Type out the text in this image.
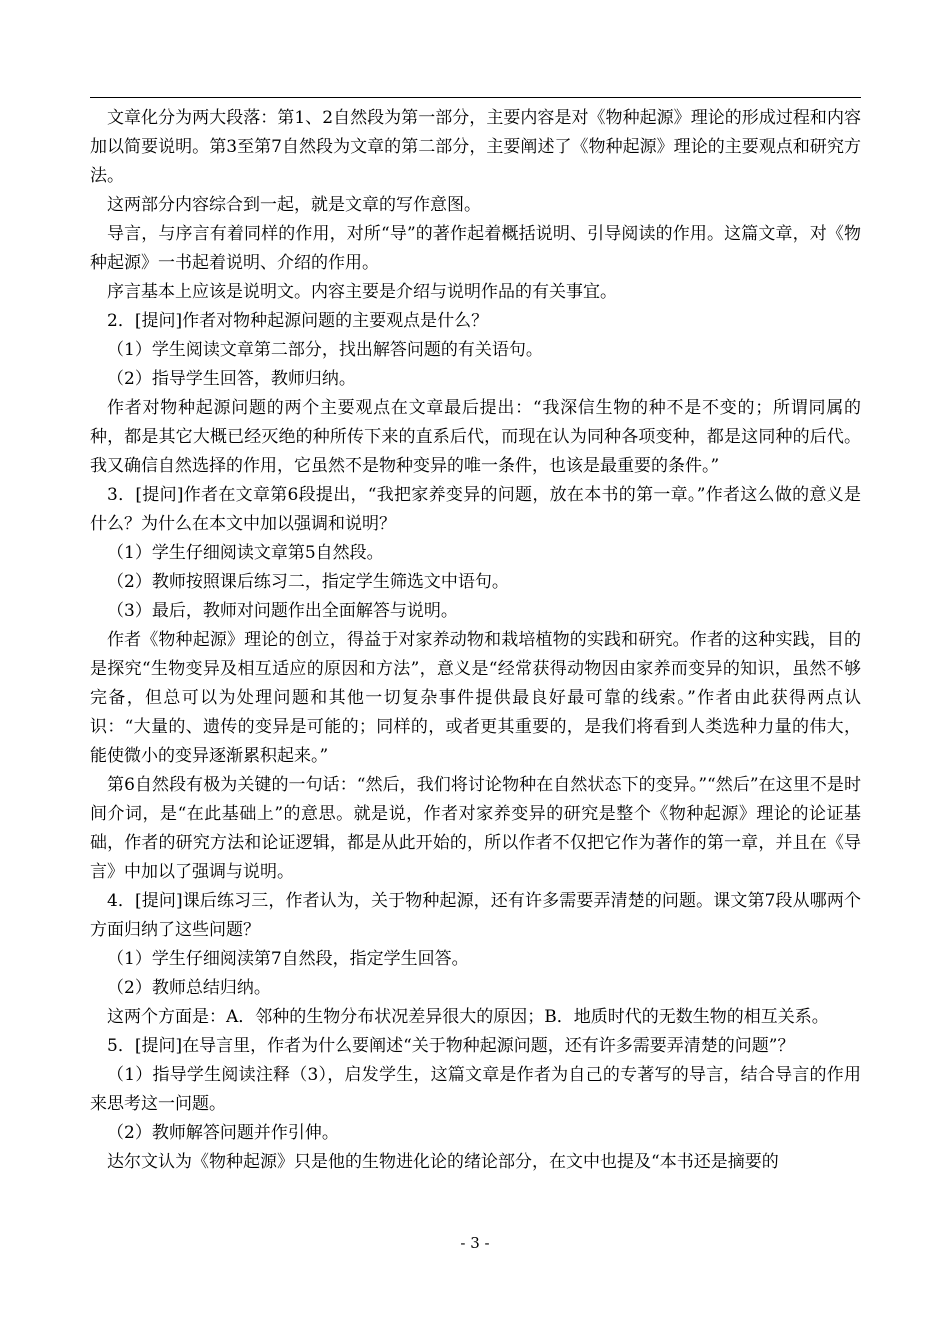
文章化分为两大段落：第1、2自然段为第一部分，主要内容是对《物种起源》理论的形成过程和内容加以简要说明。第3至第7自然段为文章的第二部分，主要阐述了《物种起源》理论的主要观点和研究方法。

这两部分内容综合到一起，就是文章的写作意图。

导言，与序言有着同样的作用，对所“导”的著作起着概括说明、引导阅读的作用。这篇文章，对《物种起源》一书起着说明、介绍的作用。

序言基本上应该是说明文。内容主要是介绍与说明作品的有关事宜。

2．[提问]作者对物种起源问题的主要观点是什么？

（1）学生阅读文章第二部分，找出解答问题的有关语句。

（2）指导学生回答，教师归纳。

作者对物种起源问题的两个主要观点在文章最后提出：“我深信生物的种不是不变的；所谓同属的种，都是其它大概已经灭绝的种所传下来的直系后代，而现在认为同种各项变种，都是这同种的后代。我又确信自然选择的作用，它虽然不是物种变异的唯一条件，也该是最重要的条件。”

3．[提问]作者在文章第6段提出，“我把家养变异的问题，放在本书的第一章。”作者这么做的意义是什么？为什么在本文中加以强调和说明？

（1）学生仔细阅读文章第5自然段。

（2）教师按照课后练习二，指定学生筛选文中语句。

（3）最后，教师对问题作出全面解答与说明。

作者《物种起源》理论的创立，得益于对家养动物和栽培植物的实践和研究。作者的这种实践，目的是探究“生物变异及相互适应的原因和方法”，意义是“经常获得动物因由家养而变异的知识，虽然不够完备，但总可以为处理问题和其他一切复杂事件提供最良好最可靠的线索。”作者由此获得两点认识：“大量的、遗传的变异是可能的；同样的，或者更其重要的，是我们将看到人类选种力量的伟大，能使微小的变异逐渐累积起来。”

第6自然段有极为关键的一句话：“然后，我们将讨论物种在自然状态下的变异。”“然后”在这里不是时间介词，是“在此基础上”的意思。就是说，作者对家养变异的研究是整个《物种起源》理论的论证基础，作者的研究方法和论证逻辑，都是从此开始的，所以作者不仅把它作为著作的第一章，并且在《导言》中加以了强调与说明。

4．[提问]课后练习三，作者认为，关于物种起源，还有许多需要弄清楚的问题。课文第7段从哪两个方面归纳了这些问题？

（1）学生仔细阅渎第7自然段，指定学生回答。

（2）教师总结归纳。

这两个方面是：A．邻种的生物分布状况差异很大的原因；B．地质时代的无数生物的相互关系。

5．[提问]在导言里，作者为什么要阐述“关于物种起源问题，还有许多需要弄清楚的问题”？

（1）指导学生阅读注释（3），启发学生，这篇文章是作者为自己的专著写的导言，结合导言的作用来思考这一问题。

（2）教师解答问题并作引伸。

达尔文认为《物种起源》只是他的生物进化论的绪论部分，在文中也提及“本书还是摘要的

- 3 -
